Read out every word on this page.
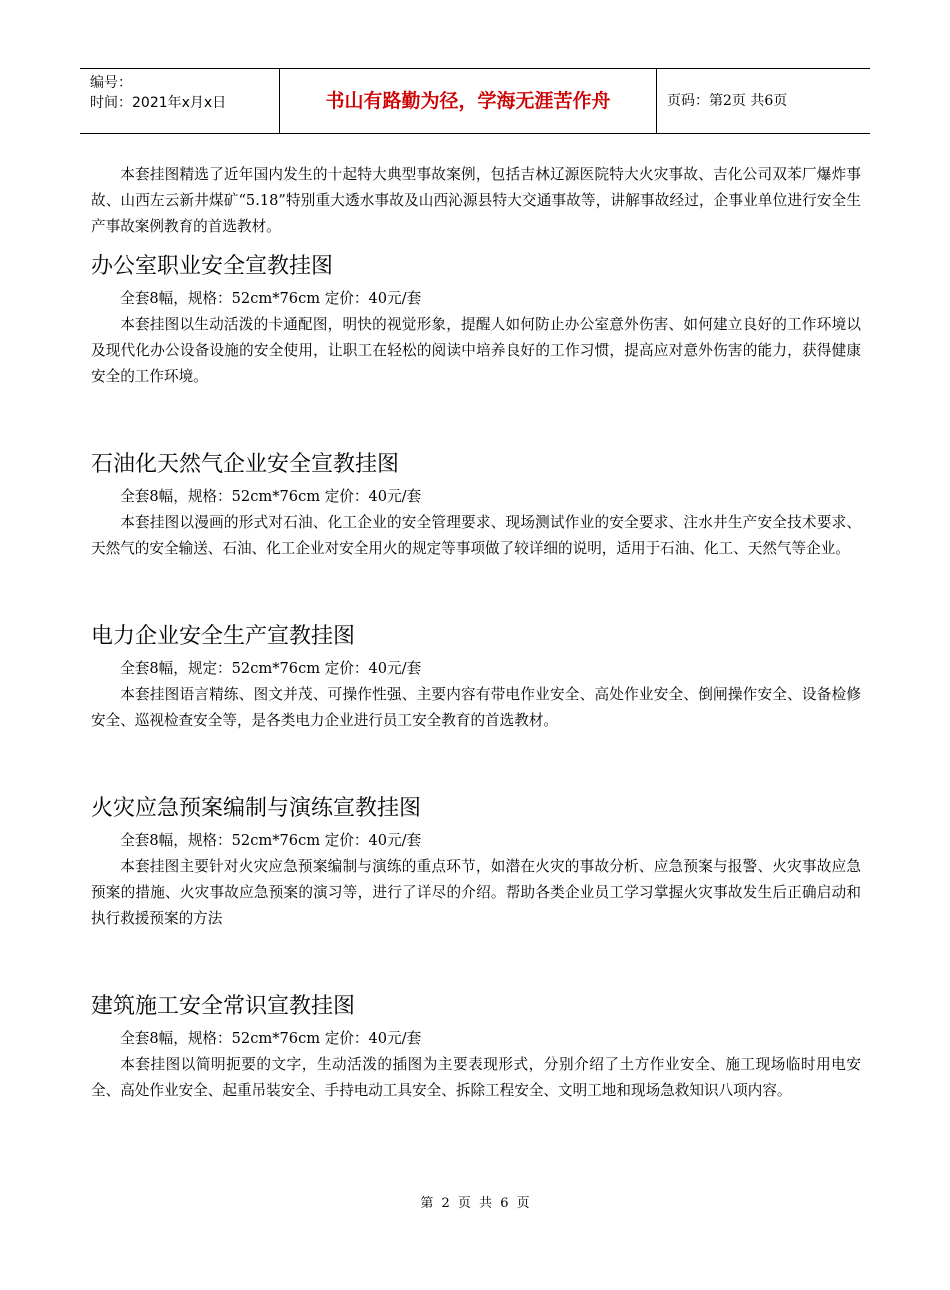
编号：
时间：2021年x月x日	书山有路勤为径，学海无涯苦作舟	页码：第2页 共6页

本套挂图精选了近年国内发生的十起特大典型事故案例，包括吉林辽源医院特大火灾事故、吉化公司双苯厂爆炸事故、山西左云新井煤矿“5.18”特别重大透水事故及山西沁源县特大交通事故等，讲解事故经过，企事业单位进行安全生产事故案例教育的首选教材。

办公室职业安全宣教挂图

全套8幅，规格：52cm*76cm 定价：40元/套

本套挂图以生动活泼的卡通配图，明快的视觉形象，提醒人如何防止办公室意外伤害、如何建立良好的工作环境以及现代化办公设备设施的安全使用，让职工在轻松的阅读中培养良好的工作习惯，提高应对意外伤害的能力，获得健康安全的工作环境。

石油化天然气企业安全宣教挂图

全套8幅，规格：52cm*76cm 定价：40元/套

本套挂图以漫画的形式对石油、化工企业的安全管理要求、现场测试作业的安全要求、注水井生产安全技术要求、天然气的安全输送、石油、化工企业对安全用火的规定等事项做了较详细的说明，适用于石油、化工、天然气等企业。

电力企业安全生产宣教挂图

全套8幅，规定：52cm*76cm 定价：40元/套

本套挂图语言精练、图文并茂、可操作性强、主要内容有带电作业安全、高处作业安全、倒闸操作安全、设备检修安全、巡视检查安全等，是各类电力企业进行员工安全教育的首选教材。

火灾应急预案编制与演练宣教挂图

全套8幅，规格：52cm*76cm 定价：40元/套

本套挂图主要针对火灾应急预案编制与演练的重点环节，如潜在火灾的事故分析、应急预案与报警、火灾事故应急预案的措施、火灾事故应急预案的演习等，进行了详尽的介绍。帮助各类企业员工学习掌握火灾事故发生后正确启动和执行救援预案的方法

建筑施工安全常识宣教挂图

全套8幅，规格：52cm*76cm 定价：40元/套

本套挂图以简明扼要的文字，生动活泼的插图为主要表现形式，分别介绍了土方作业安全、施工现场临时用电安全、高处作业安全、起重吊装安全、手持电动工具安全、拆除工程安全、文明工地和现场急救知识八项内容。

第 2 页 共 6 页
